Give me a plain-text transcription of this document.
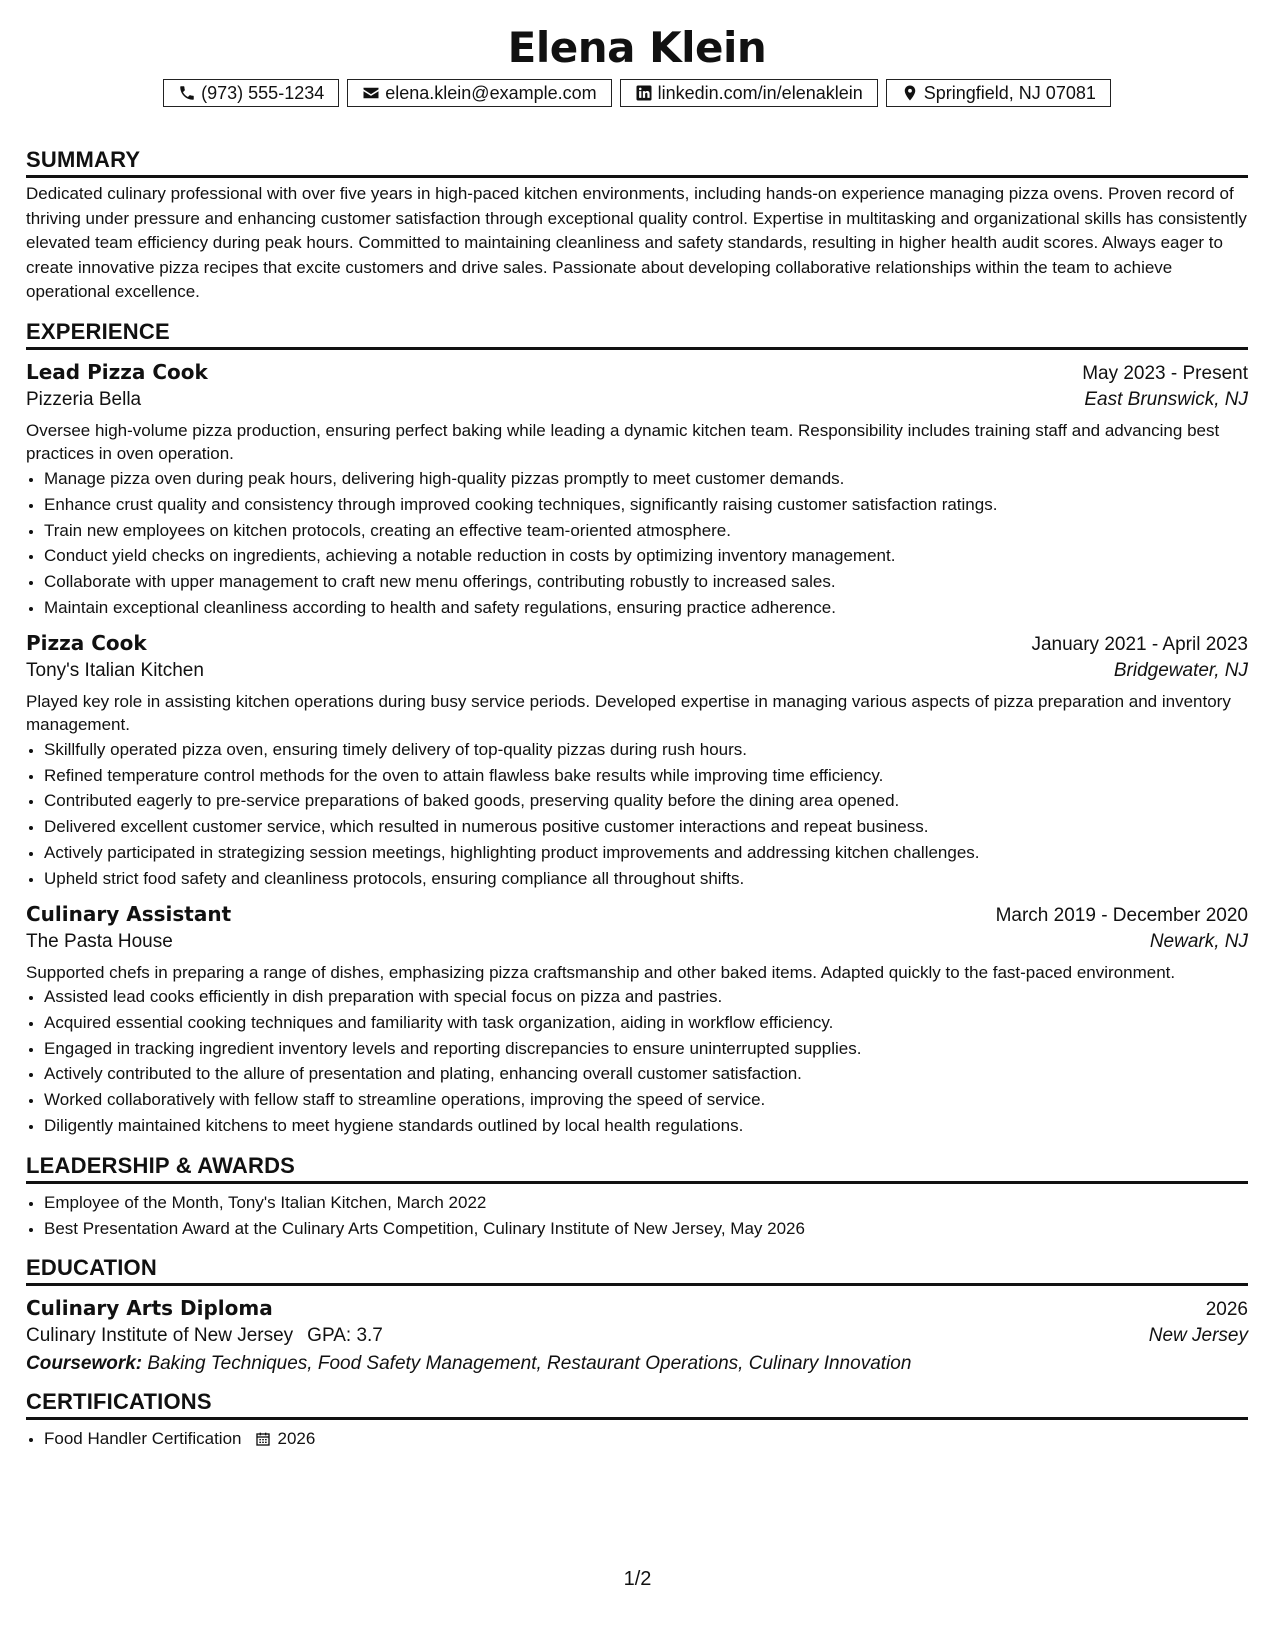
Elena Klein
(973) 555-1234	elena.klein@example.com	linkedin.com/in/elenaklein	Springfield, NJ 07081
SUMMARY
Dedicated culinary professional with over five years in high-paced kitchen environments, including hands-on experience managing pizza ovens. Proven record of thriving under pressure and enhancing customer satisfaction through exceptional quality control. Expertise in multitasking and organizational skills has consistently elevated team efficiency during peak hours. Committed to maintaining cleanliness and safety standards, resulting in higher health audit scores. Always eager to create innovative pizza recipes that excite customers and drive sales. Passionate about developing collaborative relationships within the team to achieve operational excellence.
EXPERIENCE
Lead Pizza Cook	May 2023 - Present
Pizzeria Bella	East Brunswick, NJ
Oversee high-volume pizza production, ensuring perfect baking while leading a dynamic kitchen team. Responsibility includes training staff and advancing best practices in oven operation.
• Manage pizza oven during peak hours, delivering high-quality pizzas promptly to meet customer demands.
• Enhance crust quality and consistency through improved cooking techniques, significantly raising customer satisfaction ratings.
• Train new employees on kitchen protocols, creating an effective team-oriented atmosphere.
• Conduct yield checks on ingredients, achieving a notable reduction in costs by optimizing inventory management.
• Collaborate with upper management to craft new menu offerings, contributing robustly to increased sales.
• Maintain exceptional cleanliness according to health and safety regulations, ensuring practice adherence.
Pizza Cook	January 2021 - April 2023
Tony's Italian Kitchen	Bridgewater, NJ
Played key role in assisting kitchen operations during busy service periods. Developed expertise in managing various aspects of pizza preparation and inventory management.
• Skillfully operated pizza oven, ensuring timely delivery of top-quality pizzas during rush hours.
• Refined temperature control methods for the oven to attain flawless bake results while improving time efficiency.
• Contributed eagerly to pre-service preparations of baked goods, preserving quality before the dining area opened.
• Delivered excellent customer service, which resulted in numerous positive customer interactions and repeat business.
• Actively participated in strategizing session meetings, highlighting product improvements and addressing kitchen challenges.
• Upheld strict food safety and cleanliness protocols, ensuring compliance all throughout shifts.
Culinary Assistant	March 2019 - December 2020
The Pasta House	Newark, NJ
Supported chefs in preparing a range of dishes, emphasizing pizza craftsmanship and other baked items. Adapted quickly to the fast-paced environment.
• Assisted lead cooks efficiently in dish preparation with special focus on pizza and pastries.
• Acquired essential cooking techniques and familiarity with task organization, aiding in workflow efficiency.
• Engaged in tracking ingredient inventory levels and reporting discrepancies to ensure uninterrupted supplies.
• Actively contributed to the allure of presentation and plating, enhancing overall customer satisfaction.
• Worked collaboratively with fellow staff to streamline operations, improving the speed of service.
• Diligently maintained kitchens to meet hygiene standards outlined by local health regulations.
LEADERSHIP & AWARDS
• Employee of the Month, Tony's Italian Kitchen, March 2022
• Best Presentation Award at the Culinary Arts Competition, Culinary Institute of New Jersey, May 2026
EDUCATION
Culinary Arts Diploma	2026
Culinary Institute of New Jersey GPA: 3.7	New Jersey
Coursework: Baking Techniques, Food Safety Management, Restaurant Operations, Culinary Innovation
CERTIFICATIONS
• Food Handler Certification 2026
1/2
